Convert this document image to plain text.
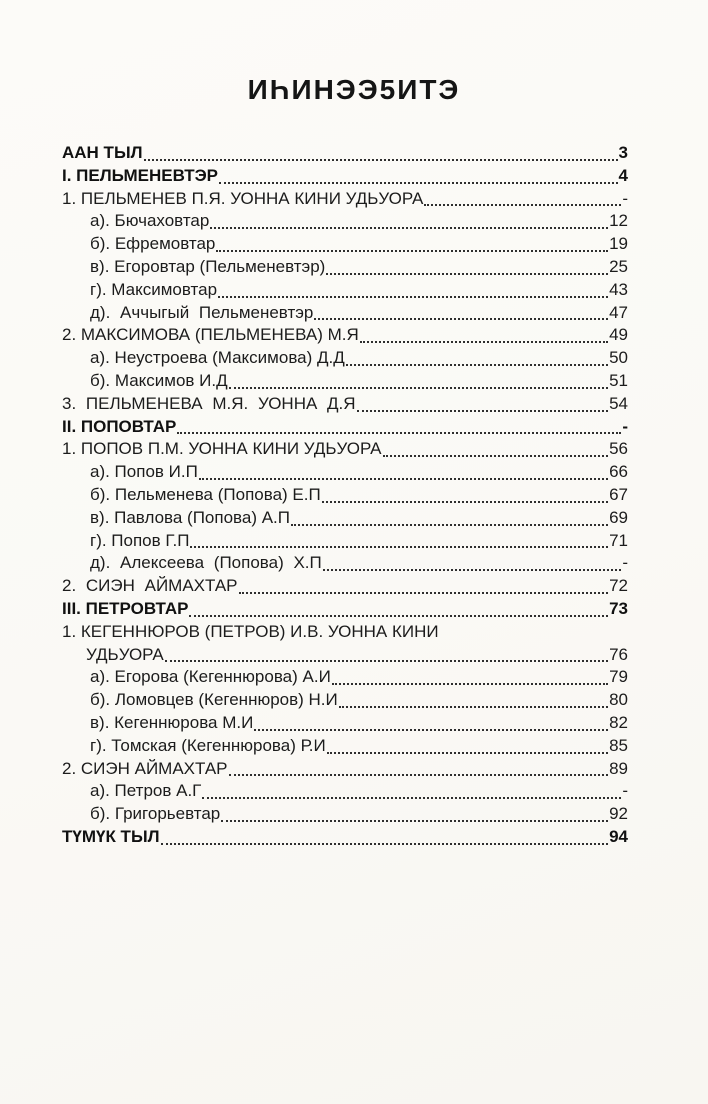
ИҺИНЭЭ5ИТЭ
ААН ТЫЛ	3
I. ПЕЛЬМЕНЕВТЭР	4
1. ПЕЛЬМЕНЕВ П.Я. УОННА КИНИ УДЬУОРА	-
а). Бючаховтар	12
б). Ефремовтар	19
в). Егоровтар (Пельменевтэр)	25
г). Максимовтар	43
д). Аччыгый Пельменевтэр	47
2. МАКСИМОВА (ПЕЛЬМЕНЕВА) М.Я	49
а). Неустроева (Максимова) Д.Д	50
б). Максимов И.Д	51
3. ПЕЛЬМЕНЕВА М.Я. УОННА Д.Я	54
II. ПОПОВТАР	-
1. ПОПОВ П.М. УОННА КИНИ УДЬУОРА	56
а). Попов И.П	66
б). Пельменева (Попова) Е.П	67
в). Павлова (Попова) А.П	69
г). Попов Г.П	71
д). Алексеева (Попова) Х.П	-
2. СИЭН АЙМАХТАР	72
III. ПЕТРОВТАР	73
1. КЕГЕННЮРОВ (ПЕТРОВ) И.В. УОННА КИНИ
УДЬУОРА	76
а). Егорова (Кегеннюрова) А.И	79
б). Ломовцев (Кегеннюров) Н.И	80
в). Кегеннюрова М.И	82
г). Томская (Кегеннюрова) Р.И	85
2. СИЭН АЙМАХТАР	89
а). Петров А.Г	-
б). Григорьевтар	92
ТҮМҮК ТЫЛ	94
